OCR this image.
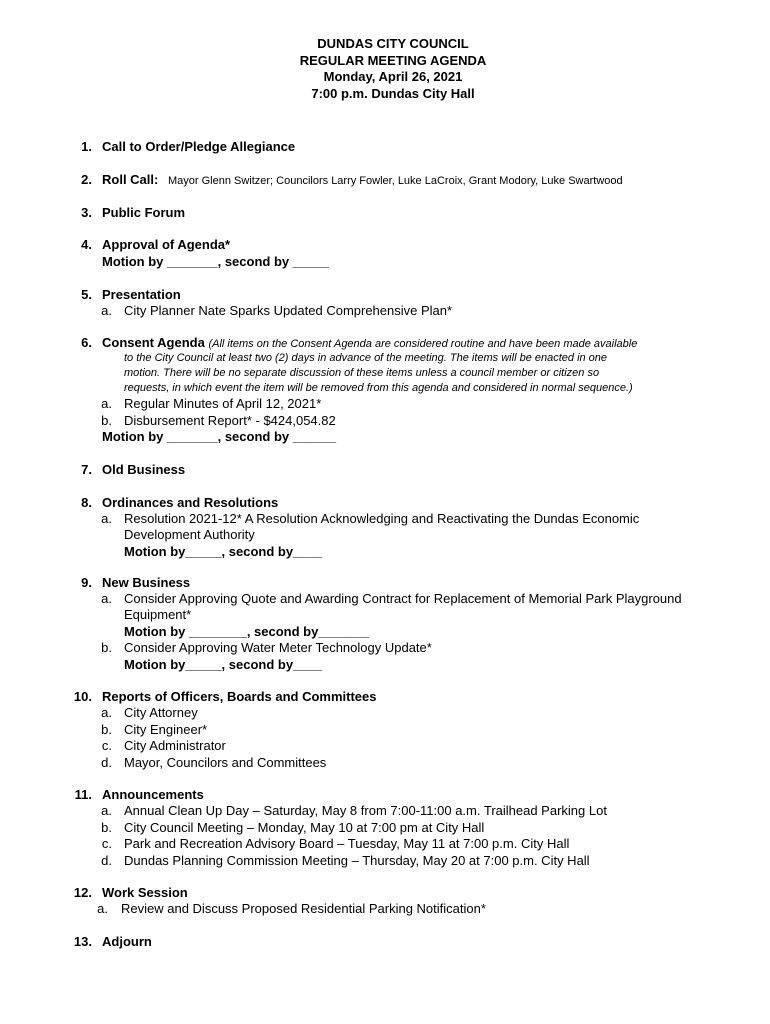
DUNDAS CITY COUNCIL
REGULAR MEETING AGENDA
Monday, April 26, 2021
7:00 p.m. Dundas City Hall
1. Call to Order/Pledge Allegiance
2. Roll Call: Mayor Glenn Switzer; Councilors Larry Fowler, Luke LaCroix, Grant Modory, Luke Swartwood
3. Public Forum
4. Approval of Agenda*
Motion by _______, second by _____
5. Presentation
a. City Planner Nate Sparks Updated Comprehensive Plan*
6. Consent Agenda (All items on the Consent Agenda are considered routine and have been made available
to the City Council at least two (2) days in advance of the meeting. The items will be enacted in one
motion. There will be no separate discussion of these items unless a council member or citizen so
requests, in which event the item will be removed from this agenda and considered in normal sequence.)
a. Regular Minutes of April 12, 2021*
b. Disbursement Report* - $424,054.82
Motion by _______, second by ______
7. Old Business
8. Ordinances and Resolutions
a. Resolution 2021-12* A Resolution Acknowledging and Reactivating the Dundas Economic
Development Authority
Motion by_____, second by____
9. New Business
a. Consider Approving Quote and Awarding Contract for Replacement of Memorial Park Playground
Equipment*
Motion by ________, second by_______
b. Consider Approving Water Meter Technology Update*
Motion by_____, second by____
10. Reports of Officers, Boards and Committees
a. City Attorney
b. City Engineer*
c. City Administrator
d. Mayor, Councilors and Committees
11. Announcements
a. Annual Clean Up Day – Saturday, May 8 from 7:00-11:00 a.m. Trailhead Parking Lot
b. City Council Meeting – Monday, May 10 at 7:00 pm at City Hall
c. Park and Recreation Advisory Board – Tuesday, May 11 at 7:00 p.m. City Hall
d. Dundas Planning Commission Meeting – Thursday, May 20 at 7:00 p.m. City Hall
12. Work Session
a. Review and Discuss Proposed Residential Parking Notification*
13. Adjourn
